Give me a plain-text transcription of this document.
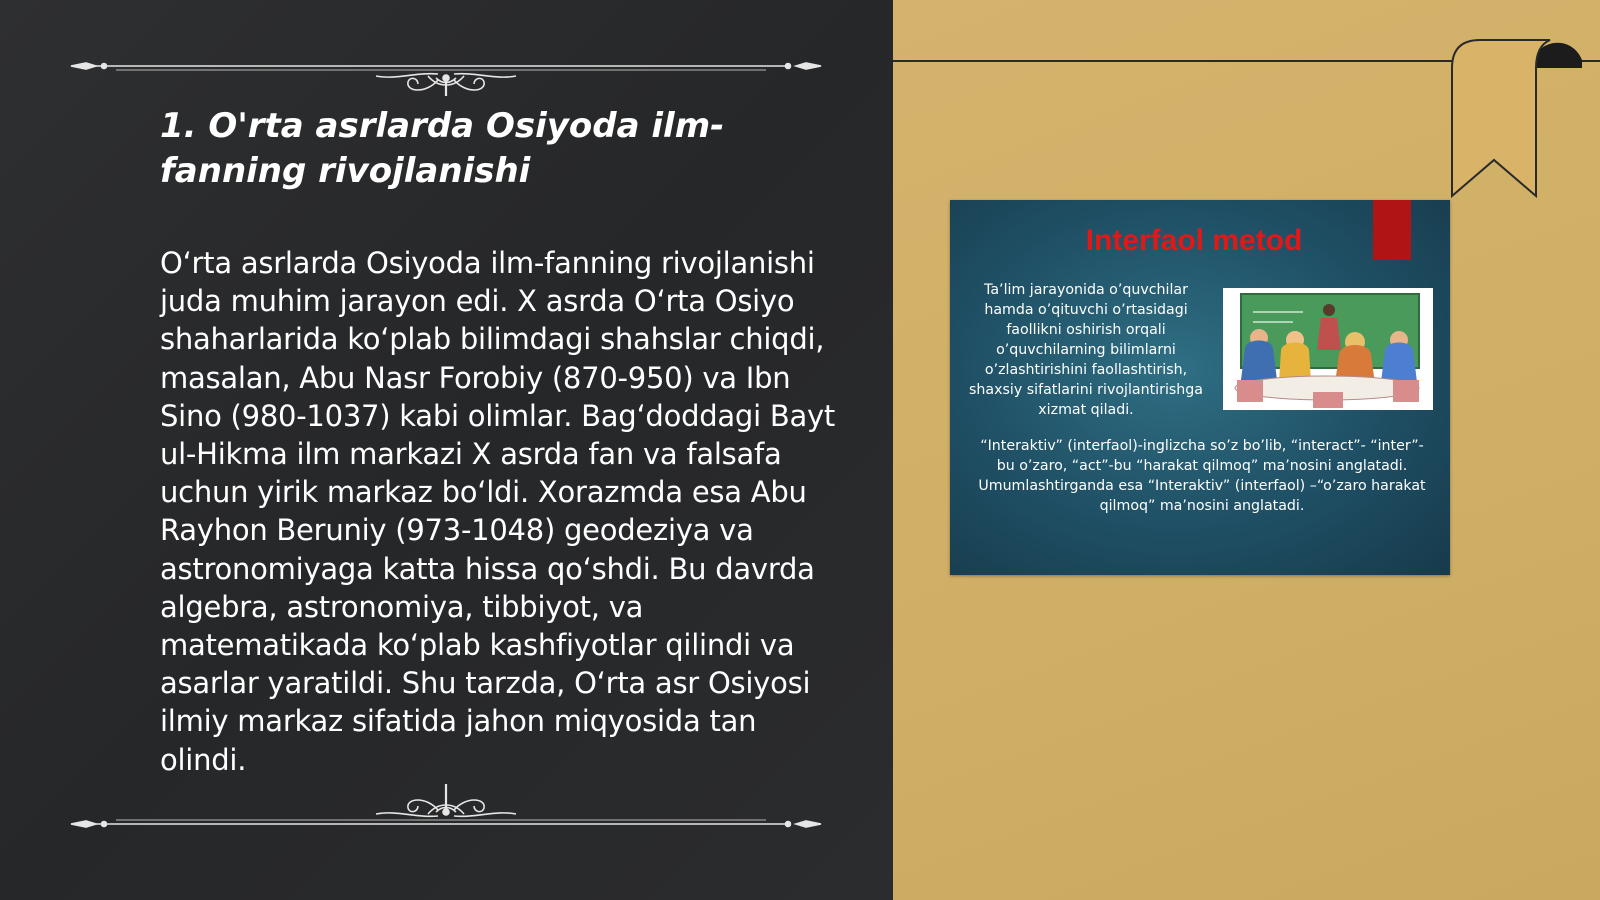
1. O'rta asrlarda Osiyoda ilm-fanning rivojlanishi

O‘rta asrlarda Osiyoda ilm-fanning rivojlanishi juda muhim jarayon edi. X asrda O‘rta Osiyo shaharlarida ko‘plab bilimdagi shahslar chiqdi, masalan, Abu Nasr Forobiy (870-950) va Ibn Sino (980-1037) kabi olimlar. Bag‘doddagi Bayt ul-Hikma ilm markazi X asrda fan va falsafa uchun yirik markaz bo‘ldi. Xorazmda esa Abu Rayhon Beruniy (973-1048) geodeziya va astronomiyaga katta hissa qo‘shdi. Bu davrda algebra, astronomiya, tibbiyot, va matematikada ko‘plab kashfiyotlar qilindi va asarlar yaratildi. Shu tarzda, O‘rta asr Osiyosi ilmiy markaz sifatida jahon miqyosida tan olindi.

Interfaol metod

Ta’lim jarayonida o’quvchilar hamda o’qituvchi o’rtasidagi faollikni oshirish orqali o’quvchilarning bilimlarni o’zlashtirishini faollashtirish, shaxsiy sifatlarini rivojlantirishga xizmat qiladi.

“Interaktiv” (interfaol)-inglizcha so’z bo’lib, “interact”- “inter”-bu o’zaro, “act”-bu “harakat qilmoq” ma’nosini anglatadi. Umumlashtirganda esa “Interaktiv” (interfaol) –“o’zaro harakat qilmoq” ma’nosini anglatadi.
